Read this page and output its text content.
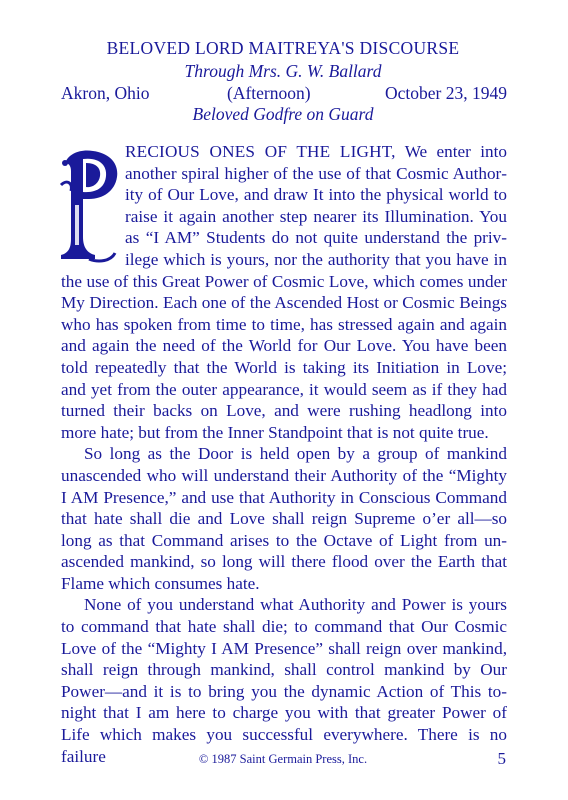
BELOVED LORD MAITREYA'S DISCOURSE
Through Mrs. G. W. Ballard
Akron, Ohio	(Afternoon)	October 23, 1949
Beloved Godfre on Guard

RECIOUS ONES OF THE LIGHT, We enter into another spiral higher of the use of that Cosmic Authority of Our Love, and draw It into the physical world to raise it again another step nearer its Illumination. You as “I AM” Students do not quite understand the privilege which is yours, nor the authority that you have in the use of this Great Power of Cosmic Love, which comes under My Direction. Each one of the Ascended Host or Cosmic Beings who has spoken from time to time, has stressed again and again and again the need of the World for Our Love. You have been told repeatedly that the World is taking its Initiation in Love; and yet from the outer appearance, it would seem as if they had turned their backs on Love, and were rushing headlong into more hate; but from the Inner Standpoint that is not quite true.

So long as the Door is held open by a group of mankind unascended who will understand their Authority of the “Mighty I AM Presence,” and use that Authority in Conscious Command that hate shall die and Love shall reign Supreme o’er all—so long as that Command arises to the Octave of Light from unascended mankind, so long will there flood over the Earth that Flame which consumes hate.

None of you understand what Authority and Power is yours to command that hate shall die; to command that Our Cosmic Love of the “Mighty I AM Presence” shall reign over mankind, shall reign through mankind, shall control mankind by Our Power—and it is to bring you the dynamic Action of This tonight that I am here to charge you with that greater Power of Life which makes you successful everywhere. There is no failure	© 1987 Saint Germain Press, Inc.	5
